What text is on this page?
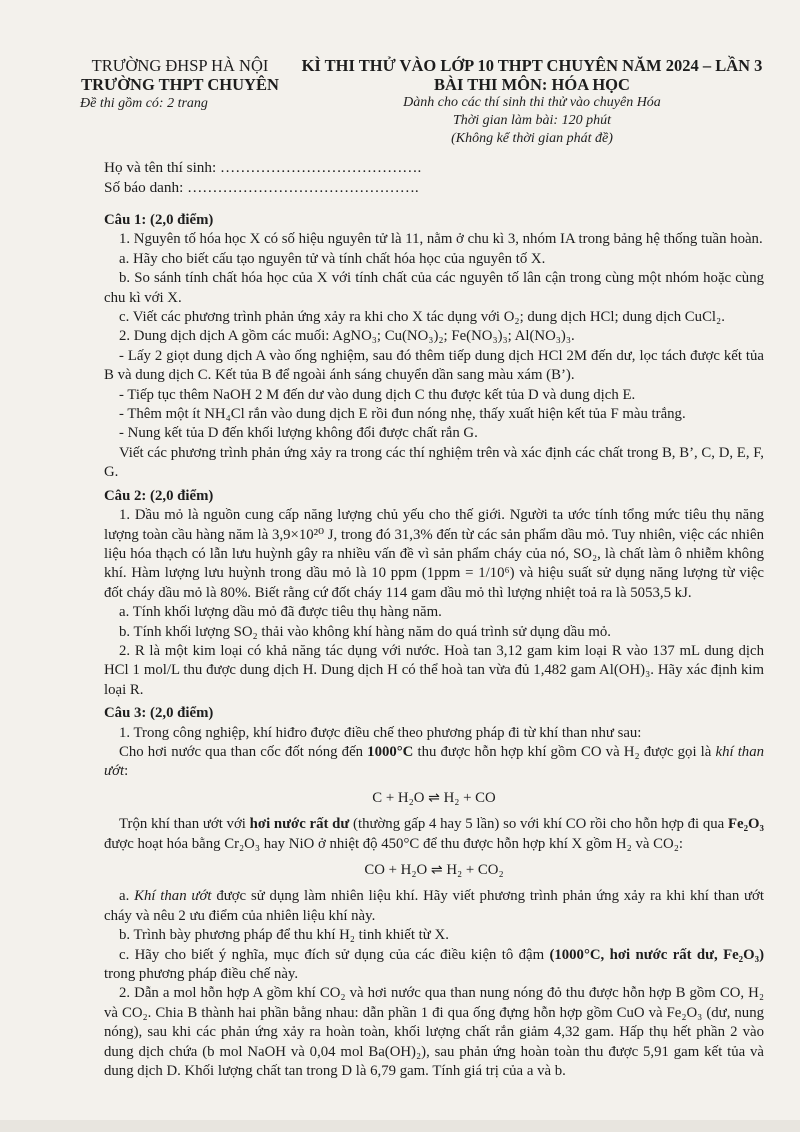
TRƯỜNG ĐHSP HÀ NỘI
TRƯỜNG THPT CHUYÊN
Đề thi gồm có: 2 trang
KÌ THI THỬ VÀO LỚP 10 THPT CHUYÊN NĂM 2024 – LẦN 3
BÀI THI MÔN: HÓA HỌC
Dành cho các thí sinh thi thử vào chuyên Hóa
Thời gian làm bài: 120 phút
(Không kể thời gian phát đề)
Họ và tên thí sinh: ………………………………….
Số báo danh: ……………………………………….

Câu 1: (2,0 điểm)

1. Nguyên tố hóa học X có số hiệu nguyên tử là 11, nằm ở chu kì 3, nhóm IA trong bảng hệ thống tuần hoàn.

a. Hãy cho biết cấu tạo nguyên tử và tính chất hóa học của nguyên tố X.

b. So sánh tính chất hóa học của X với tính chất của các nguyên tố lân cận trong cùng một nhóm hoặc cùng chu kì với X.

c. Viết các phương trình phản ứng xảy ra khi cho X tác dụng với O₂; dung dịch HCl; dung dịch CuCl₂.

2. Dung dịch dịch A gồm các muối: AgNO₃; Cu(NO₃)₂; Fe(NO₃)₃; Al(NO₃)₃.

- Lấy 2 giọt dung dịch A vào ống nghiệm, sau đó thêm tiếp dung dịch HCl 2M đến dư, lọc tách được kết tủa B và dung dịch C. Kết tủa B để ngoài ánh sáng chuyển dần sang màu xám (B’).

- Tiếp tục thêm NaOH 2 M đến dư vào dung dịch C thu được kết tủa D và dung dịch E.

- Thêm một ít NH₄Cl rắn vào dung dịch E rồi đun nóng nhẹ, thấy xuất hiện kết tủa F màu trắng.

- Nung kết tủa D đến khối lượng không đổi được chất rắn G.

Viết các phương trình phản ứng xảy ra trong các thí nghiệm trên và xác định các chất trong B, B’, C, D, E, F, G.

Câu 2: (2,0 điểm)

1. Dầu mỏ là nguồn cung cấp năng lượng chủ yếu cho thế giới. Người ta ước tính tổng mức tiêu thụ năng lượng toàn cầu hàng năm là 3,9×10²⁰ J, trong đó 31,3% đến từ các sản phẩm dầu mỏ. Tuy nhiên, việc các nhiên liệu hóa thạch có lẫn lưu huỳnh gây ra nhiều vấn đề vì sản phẩm cháy của nó, SO₂, là chất làm ô nhiễm không khí. Hàm lượng lưu huỳnh trong dầu mỏ là 10 ppm (1ppm = 1/10⁶) và hiệu suất sử dụng năng lượng từ việc đốt cháy dầu mỏ là 80%. Biết rằng cứ đốt cháy 114 gam dầu mỏ thì lượng nhiệt toả ra là 5053,5 kJ.

a. Tính khối lượng dầu mỏ đã được tiêu thụ hàng năm.

b. Tính khối lượng SO₂ thải vào không khí hàng năm do quá trình sử dụng dầu mỏ.

2. R là một kim loại có khả năng tác dụng với nước. Hoà tan 3,12 gam kim loại R vào 137 mL dung dịch HCl 1 mol/L thu được dung dịch H. Dung dịch H có thể hoà tan vừa đủ 1,482 gam Al(OH)₃. Hãy xác định kim loại R.

Câu 3: (2,0 điểm)

1. Trong công nghiệp, khí hiđro được điều chế theo phương pháp đi từ khí than như sau:

Cho hơi nước qua than cốc đốt nóng đến 1000°C thu được hỗn hợp khí gồm CO và H₂ được gọi là khí than ướt:

C + H₂O ⇌ H₂ + CO

Trộn khí than ướt với hơi nước rất dư (thường gấp 4 hay 5 lần) so với khí CO rồi cho hỗn hợp đi qua Fe₂O₃ được hoạt hóa bằng Cr₂O₃ hay NiO ở nhiệt độ 450°C để thu được hỗn hợp khí X gồm H₂ và CO₂:

CO + H₂O ⇌ H₂ + CO₂

a. Khí than ướt được sử dụng làm nhiên liệu khí. Hãy viết phương trình phản ứng xảy ra khi khí than ướt cháy và nêu 2 ưu điểm của nhiên liệu khí này.

b. Trình bày phương pháp để thu khí H₂ tinh khiết từ X.

c. Hãy cho biết ý nghĩa, mục đích sử dụng của các điều kiện tô đậm (1000°C, hơi nước rất dư, Fe₂O₃) trong phương pháp điều chế này.

2. Dẫn a mol hỗn hợp A gồm khí CO₂ và hơi nước qua than nung nóng đỏ thu được hỗn hợp B gồm CO, H₂ và CO₂. Chia B thành hai phần bằng nhau: dẫn phần 1 đi qua ống đựng hỗn hợp gồm CuO và Fe₂O₃ (dư, nung nóng), sau khi các phản ứng xảy ra hoàn toàn, khối lượng chất rắn giảm 4,32 gam. Hấp thụ hết phần 2 vào dung dịch chứa (b mol NaOH và 0,04 mol Ba(OH)₂), sau phản ứng hoàn toàn thu được 5,91 gam kết tủa và dung dịch D. Khối lượng chất tan trong D là 6,79 gam. Tính giá trị của a và b.
